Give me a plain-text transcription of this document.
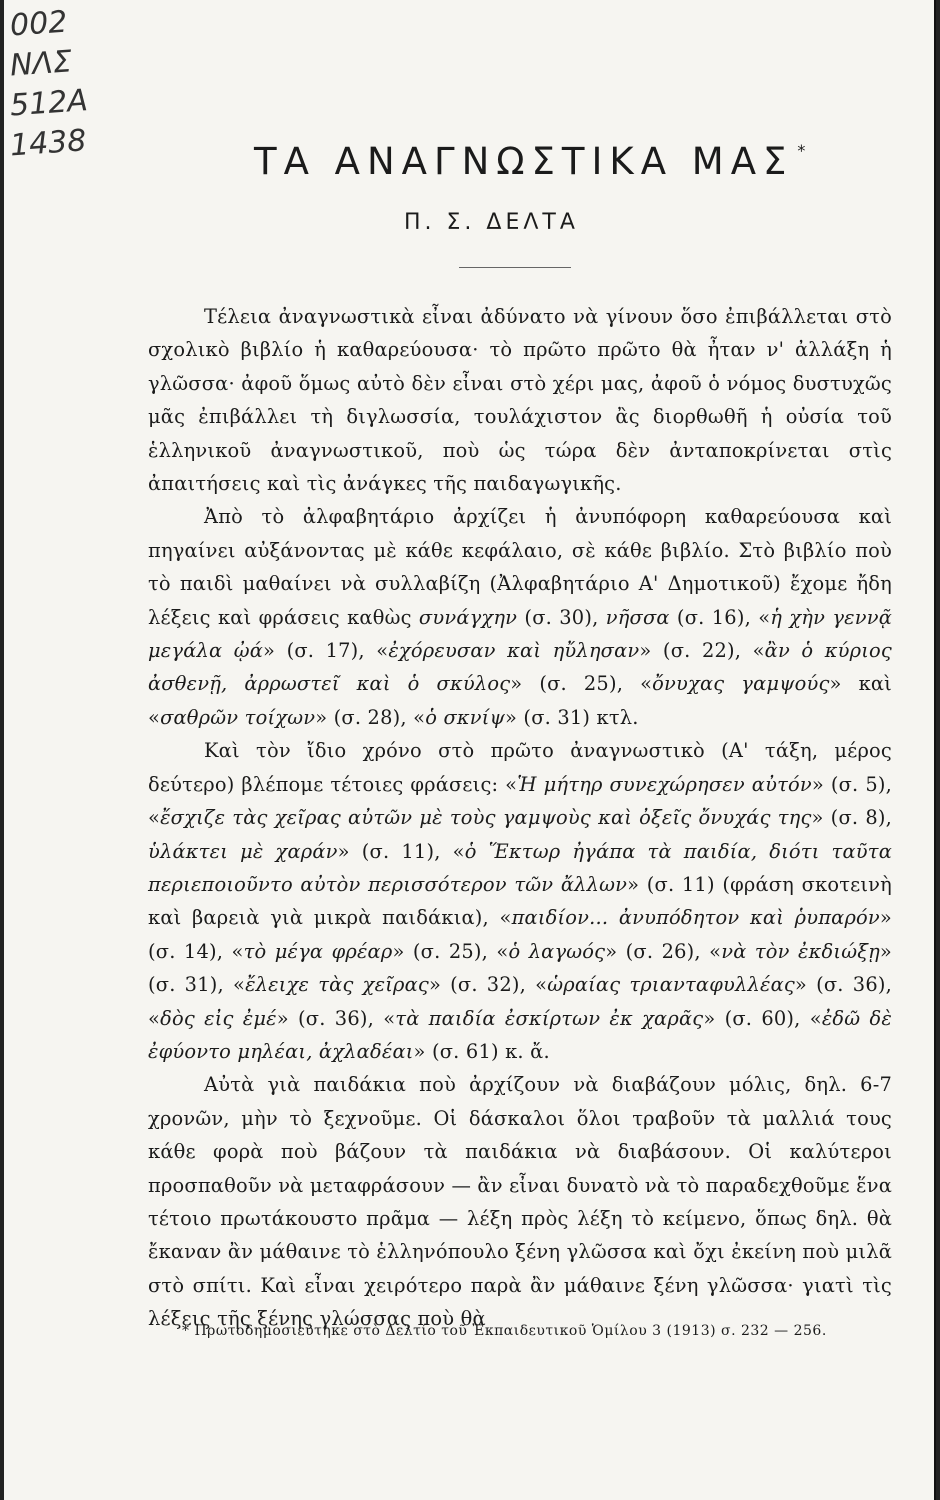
002
ΝΛΣ
512Α
1438	ΤΑ ΑΝΑΓΝΩΣΤΙΚΑ ΜΑΣ *
Π. Σ. ΔΕΛΤΑ

Τέλεια ἀναγνωστικὰ εἶναι ἀδύνατο νὰ γίνουν ὅσο ἐπιβάλλεται στὸ σχολικὸ βιβλίο ἡ καθαρεύουσα· τὸ πρῶτο πρῶτο θὰ ἦταν ν' ἀλλάξη ἡ γλῶσσα· ἀφοῦ ὅμως αὐτὸ δὲν εἶναι στὸ χέρι μας, ἀφοῦ ὁ νόμος δυστυχῶς μᾶς ἐπιβάλλει τὴ διγλωσσία, τουλάχιστον ἂς διορθωθῆ ἡ οὐσία τοῦ ἑλληνικοῦ ἀναγνωστικοῦ, ποὺ ὡς τώρα δὲν ἀνταποκρίνεται στὶς ἀπαιτήσεις καὶ τὶς ἀνάγκες τῆς παιδαγωγικῆς.

Ἀπὸ τὸ ἀλφαβητάριο ἀρχίζει ἡ ἀνυπόφορη καθαρεύουσα καὶ πηγαίνει αὐξάνοντας μὲ κάθε κεφάλαιο, σὲ κάθε βιβλίο. Στὸ βιβλίο ποὺ τὸ παιδὶ μαθαίνει νὰ συλλαβίζη (Ἀλφαβητάριο Α' Δημοτικοῦ) ἔχομε ἤδη λέξεις καὶ φράσεις καθὼς συνάγχην (σ. 30), νῆσσα (σ. 16), «ἡ χὴν γεννᾷ μεγάλα ᾠά» (σ. 17), «ἐχόρευσαν καὶ ηὔλησαν» (σ. 22), «ἂν ὁ κύριος ἀσθενῇ, ἀρρωστεῖ καὶ ὁ σκύλος» (σ. 25), «ὄνυχας γαμψούς» καὶ «σαθρῶν τοίχων» (σ. 28), «ὁ σκνίψ» (σ. 31) κτλ.

Καὶ τὸν ἴδιο χρόνο στὸ πρῶτο ἀναγνωστικὸ (Α' τάξη, μέρος δεύτερο) βλέπομε τέτοιες φράσεις: «Ἡ μήτηρ συνεχώρησεν αὐτόν» (σ. 5), «ἔσχιζε τὰς χεῖρας αὐτῶν μὲ τοὺς γαμψοὺς καὶ ὀξεῖς ὄνυχάς της» (σ. 8), ὑλάκτει μὲ χαράν» (σ. 11), «ὁ Ἕκτωρ ἠγάπα τὰ παιδία, διότι ταῦτα περιεποιοῦντο αὐτὸν περισσότερον τῶν ἄλλων» (σ. 11) (φράση σκοτεινὴ καὶ βαρειὰ γιὰ μικρὰ παιδάκια), «παιδίον... ἀνυπόδητον καὶ ῥυπαρόν» (σ. 14), «τὸ μέγα φρέαρ» (σ. 25), «ὁ λαγωός» (σ. 26), «νὰ τὸν ἐκδιώξῃ» (σ. 31), «ἔλειχε τὰς χεῖρας» (σ. 32), «ὡραίας τριανταφυλλέας» (σ. 36), «δὸς εἰς ἐμέ» (σ. 36), «τὰ παιδία ἐσκίρτων ἐκ χαρᾶς» (σ. 60), «ἐδῶ δὲ ἐφύοντο μηλέαι, ἀχλαδέαι» (σ. 61) κ. ἄ.

Αὐτὰ γιὰ παιδάκια ποὺ ἀρχίζουν νὰ διαβάζουν μόλις, δηλ. 6-7 χρονῶν, μὴν τὸ ξεχνοῦμε. Οἱ δάσκαλοι ὅλοι τραβοῦν τὰ μαλλιά τους κάθε φορὰ ποὺ βάζουν τὰ παιδάκια νὰ διαβάσουν. Οἱ καλύτεροι προσπαθοῦν νὰ μεταφράσουν — ἂν εἶναι δυνατὸ νὰ τὸ παραδεχθοῦμε ἕνα τέτοιο πρωτάκουστο πρᾶμα — λέξη πρὸς λέξη τὸ κείμενο, ὅπως δηλ. θὰ ἔκαναν ἂν μάθαινε τὸ ἑλληνόπουλο ξένη γλῶσσα καὶ ὄχι ἐκείνη ποὺ μιλᾶ στὸ σπίτι. Καὶ εἶναι χειρότερο παρὰ ἂν μάθαινε ξένη γλῶσσα· γιατὶ τὶς λέξεις τῆς ξένης γλώσσας ποὺ θὰ

* Πρωτοδημοσιεύτηκε στὸ Δελτίο τοῦ Ἐκπαιδευτικοῦ Ὁμίλου 3 (1913) σ. 232 — 256.
